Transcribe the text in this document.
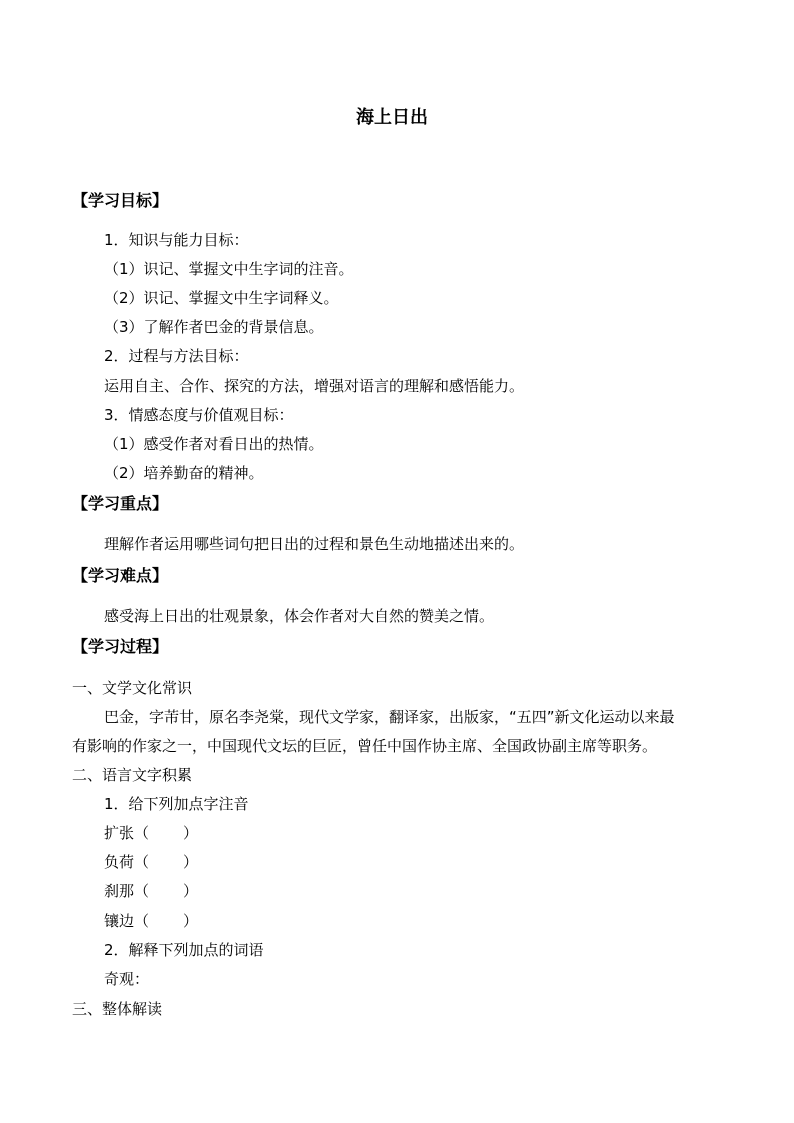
海上日出
【学习目标】
1．知识与能力目标：
（1）识记、掌握文中生字词的注音。
（2）识记、掌握文中生字词释义。
（3）了解作者巴金的背景信息。
2．过程与方法目标：
运用自主、合作、探究的方法，增强对语言的理解和感悟能力。
3．情感态度与价值观目标：
（1）感受作者对看日出的热情。
（2）培养勤奋的精神。
【学习重点】
理解作者运用哪些词句把日出的过程和景色生动地描述出来的。
【学习难点】
感受海上日出的壮观景象，体会作者对大自然的赞美之情。
【学习过程】
一、文学文化常识
巴金，字芾甘，原名李尧棠，现代文学家，翻译家，出版家，“五四”新文化运动以来最
有影响的作家之一，中国现代文坛的巨匠，曾任中国作协主席、全国政协副主席等职务。
二、语言文字积累
1．给下列加点字注音
扩张（ ）
负荷（ ）
刹那（ ）
镶边（ ）
2．解释下列加点的词语
奇观：
三、整体解读
